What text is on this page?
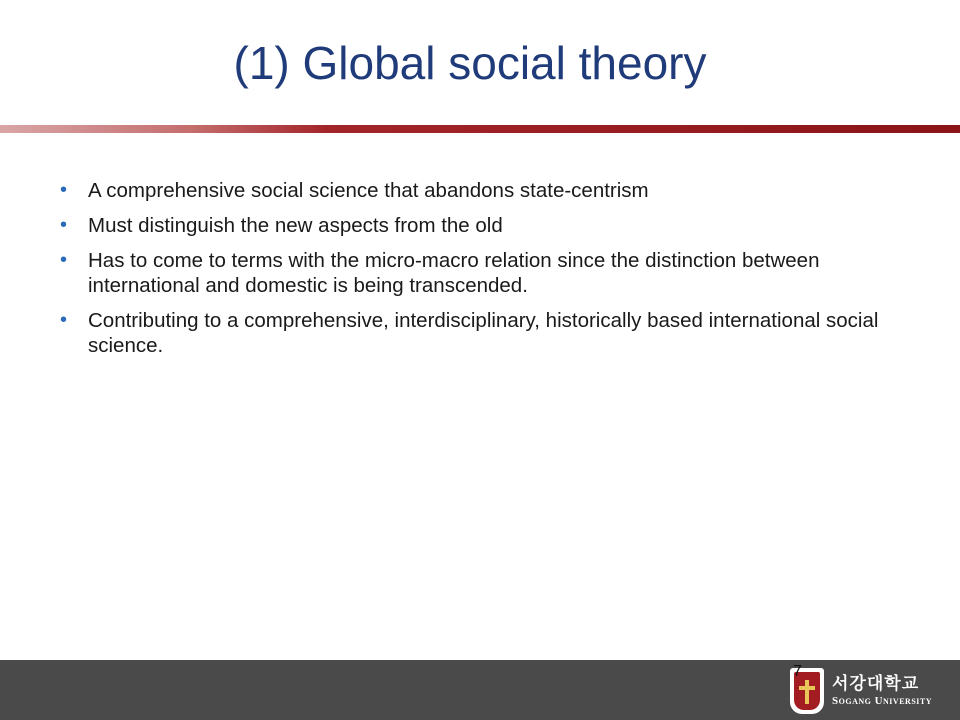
(1) Global social theory
• A comprehensive social science that abandons state-centrism
• Must distinguish the new aspects from the old
• Has to come to terms with the micro-macro relation since the distinction between international and domestic is being transcended.
• Contributing to a comprehensive, interdisciplinary, historically based international social science.
서강대학교
Sogang University
7
